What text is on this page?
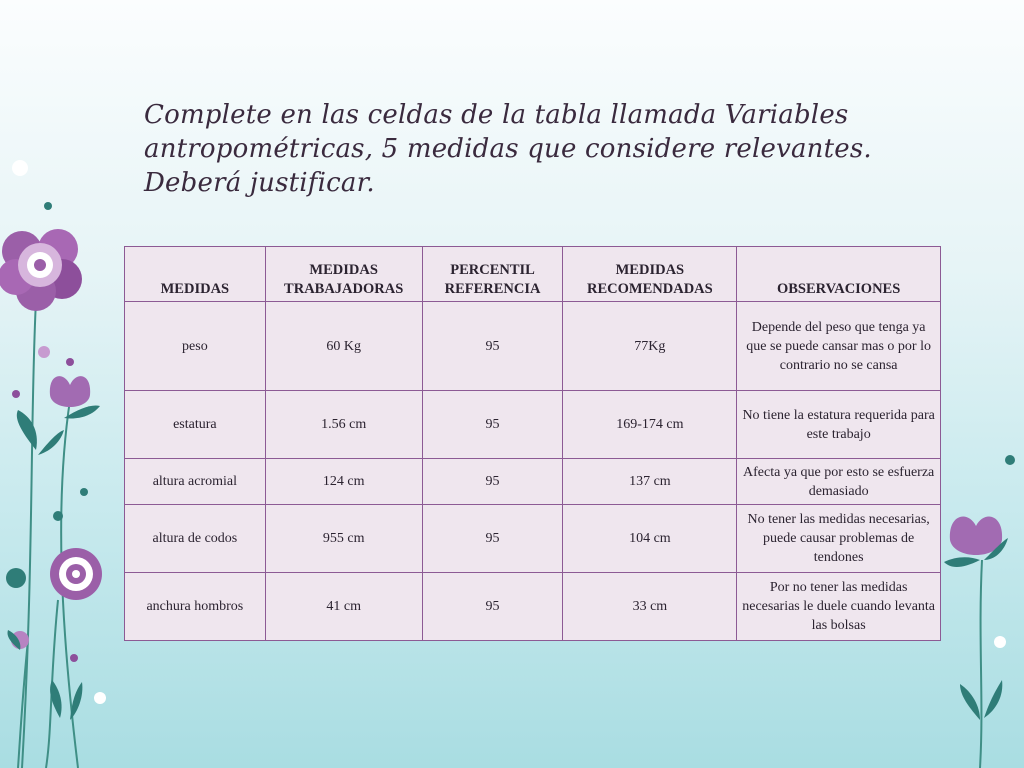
Complete en las celdas de la tabla llamada Variables antropométricas, 5 medidas que considere relevantes. Deberá justificar.
MEDIDAS	MEDIDAS TRABAJADORAS	PERCENTIL REFERENCIA	MEDIDAS RECOMENDADAS	OBSERVACIONES
peso	60 Kg	95	77Kg	Depende del peso que tenga ya que se puede cansar mas o por lo contrario no se cansa
estatura	1.56 cm	95	169-174 cm	No tiene la estatura requerida para este trabajo
altura acromial	124 cm	95	137 cm	Afecta ya que por esto se esfuerza demasiado
altura de codos	955 cm	95	104 cm	No tener las medidas necesarias, puede causar problemas de tendones
anchura hombros	41 cm	95	33 cm	Por no tener las medidas necesarias le duele cuando levanta las bolsas
